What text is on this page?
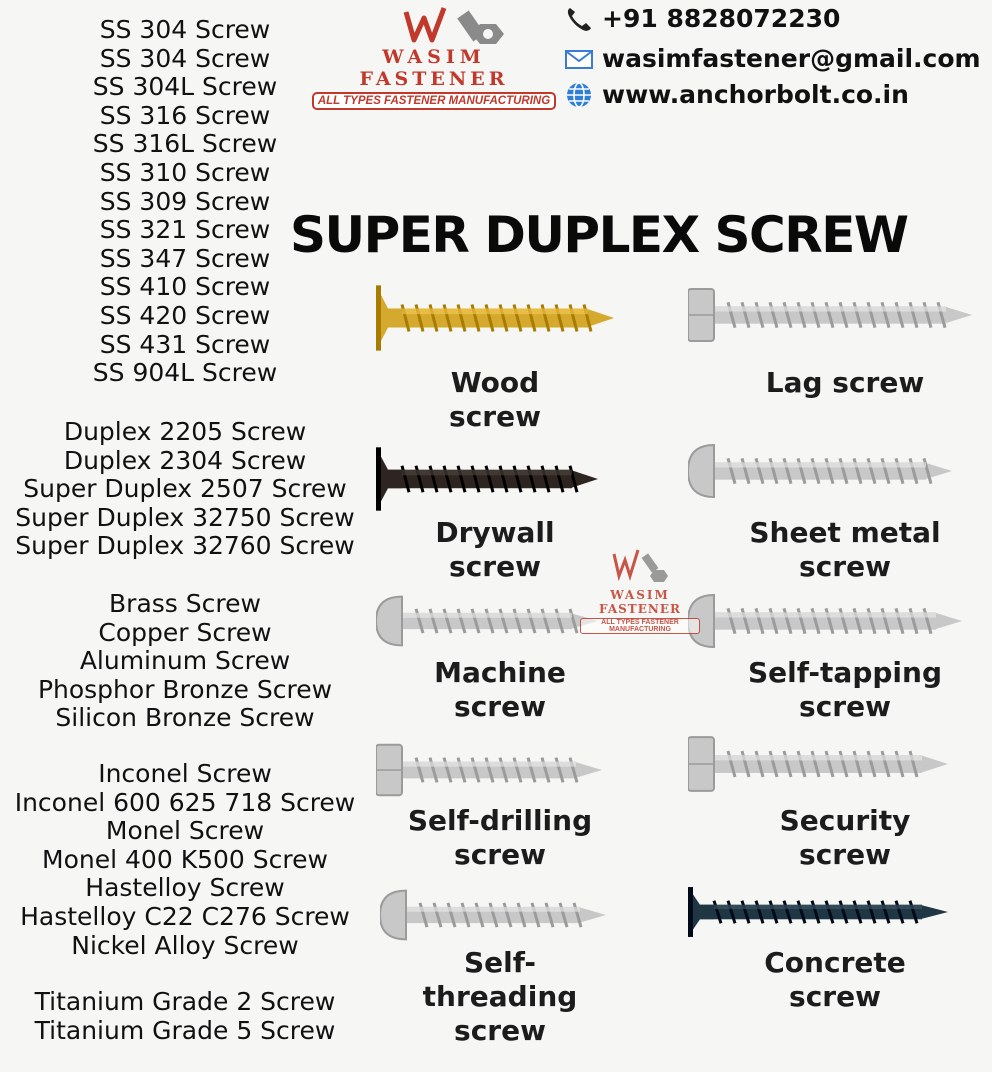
SS 304 Screw
SS 304 Screw
SS 304L Screw
SS 316 Screw
SS 316L Screw
SS 310 Screw
SS 309 Screw
SS 321 Screw
SS 347 Screw
SS 410 Screw
SS 420 Screw
SS 431 Screw
SS 904L Screw
Duplex 2205 Screw
Duplex 2304 Screw
Super Duplex 2507 Screw
Super Duplex 32750 Screw
Super Duplex 32760 Screw
Brass Screw
Copper Screw
Aluminum Screw
Phosphor Bronze Screw
Silicon Bronze Screw
Inconel Screw
Inconel 600 625 718 Screw
Monel Screw
Monel 400 K500 Screw
Hastelloy Screw
Hastelloy C22 C276 Screw
Nickel Alloy Screw
Titanium Grade 2 Screw
Titanium Grade 5 Screw
WASIM
FASTENER
ALL TYPES FASTENER MANUFACTURING
+91 8828072230
wasimfastener@gmail.com
www.anchorbolt.co.in
SUPER DUPLEX SCREW
Wood
screw
Lag screw
Drywall
screw
Sheet metal
screw
Machine
screw
Self-tapping
screw
Self-drilling
screw
Security
screw
Self-
threading
screw
Concrete
screw
WASIM
FASTENER
ALL TYPES FASTENER MANUFACTURING
